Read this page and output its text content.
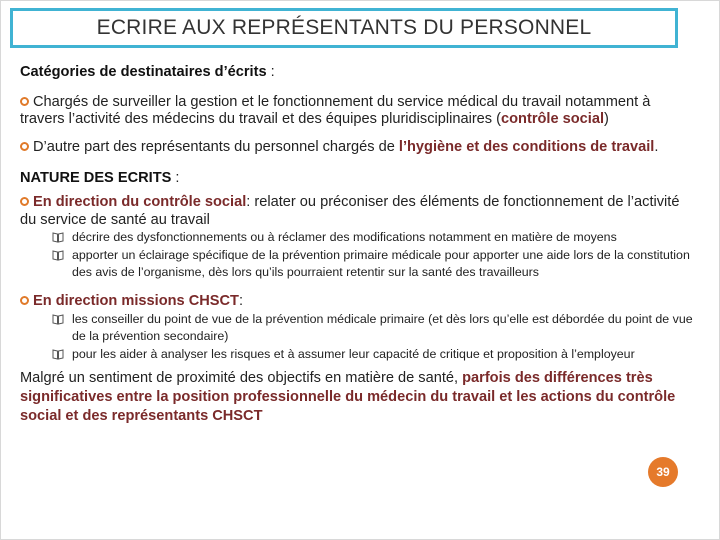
ECRIRE AUX REPRÉSENTANTS DU PERSONNEL

Catégories de destinataires d’écrits :

Chargés de surveiller la gestion et le fonctionnement du service médical du travail notamment à travers l’activité des médecins du travail et des équipes pluridisciplinaires (contrôle social)

D’autre part des représentants du personnel chargés de l’hygiène et des conditions de travail.

NATURE DES ECRITS :

En direction du contrôle social: relater ou préconiser des éléments de fonctionnement de l’activité du service de santé au travail

décrire des dysfonctionnements ou à réclamer des modifications notamment en matière de moyens

apporter un éclairage spécifique de la prévention primaire médicale pour apporter une aide lors de la constitution des avis de l’organisme, dès lors qu’ils pourraient retentir sur la santé des travailleurs

En direction missions CHSCT:

les conseiller du point de vue de la prévention médicale primaire (et dès lors qu’elle est débordée du point de vue de la prévention secondaire)

pour les aider à analyser les risques et à assumer leur capacité de critique et proposition à l’employeur

Malgré un sentiment de proximité des objectifs en matière de santé, parfois des différences très significatives entre la position professionnelle du médecin du travail et les actions du contrôle social et des représentants CHSCT

39
